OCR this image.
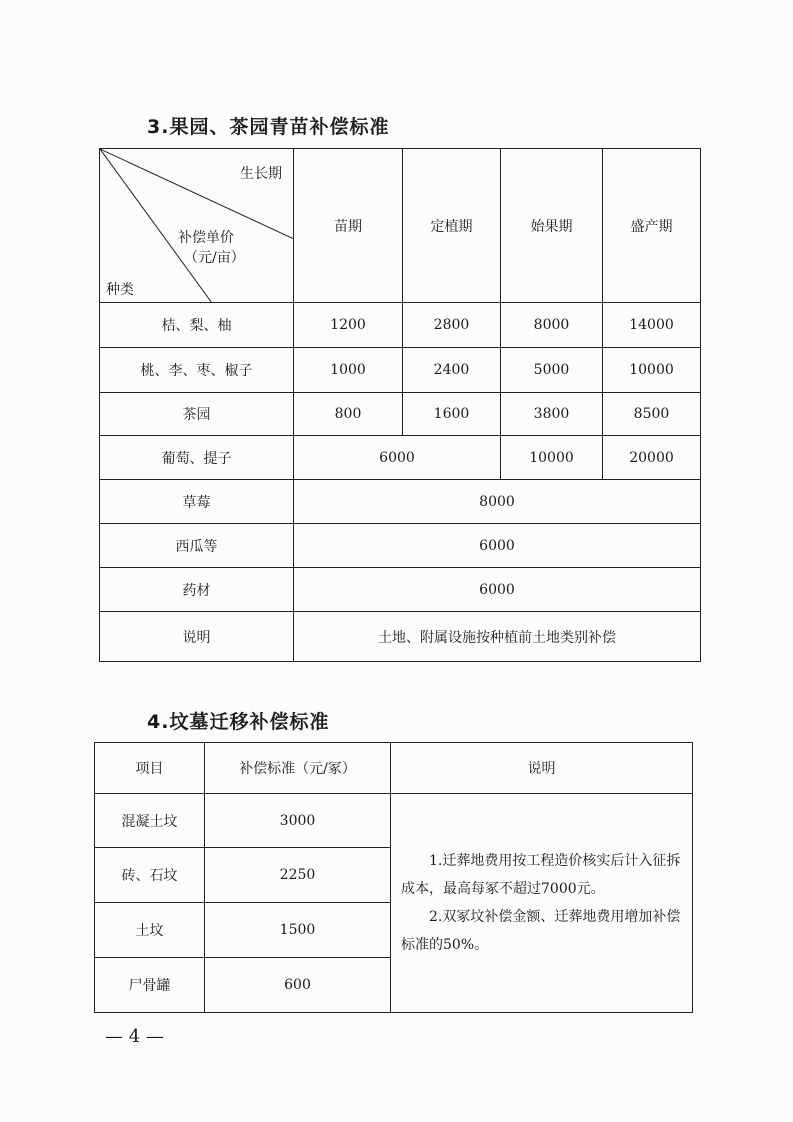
3.果园、茶园青苗补偿标准
生长期
补偿单价
（元/亩）
种类	苗期	定植期	始果期	盛产期
桔、梨、柚	1200	2800	8000	14000
桃、李、枣、椒子	1000	2400	5000	10000
茶园	800	1600	3800	8500
葡萄、提子	6000		10000	20000
草莓	8000			
西瓜等	6000			
药材	6000			
说明	土地、附属设施按种植前土地类别补偿			
4.坟墓迁移补偿标准
项目	补偿标准（元/冢）	说明
混凝土坟	3000	1.迁葬地费用按工程造价核实后计入征拆成本，最高每冢不超过7000元。

2.双冢坟补偿金额、迁葬地费用增加补偿标准的50%。

砖、石坟	2250	
土坟	1500	
尸骨罐	600	
— 4 —
